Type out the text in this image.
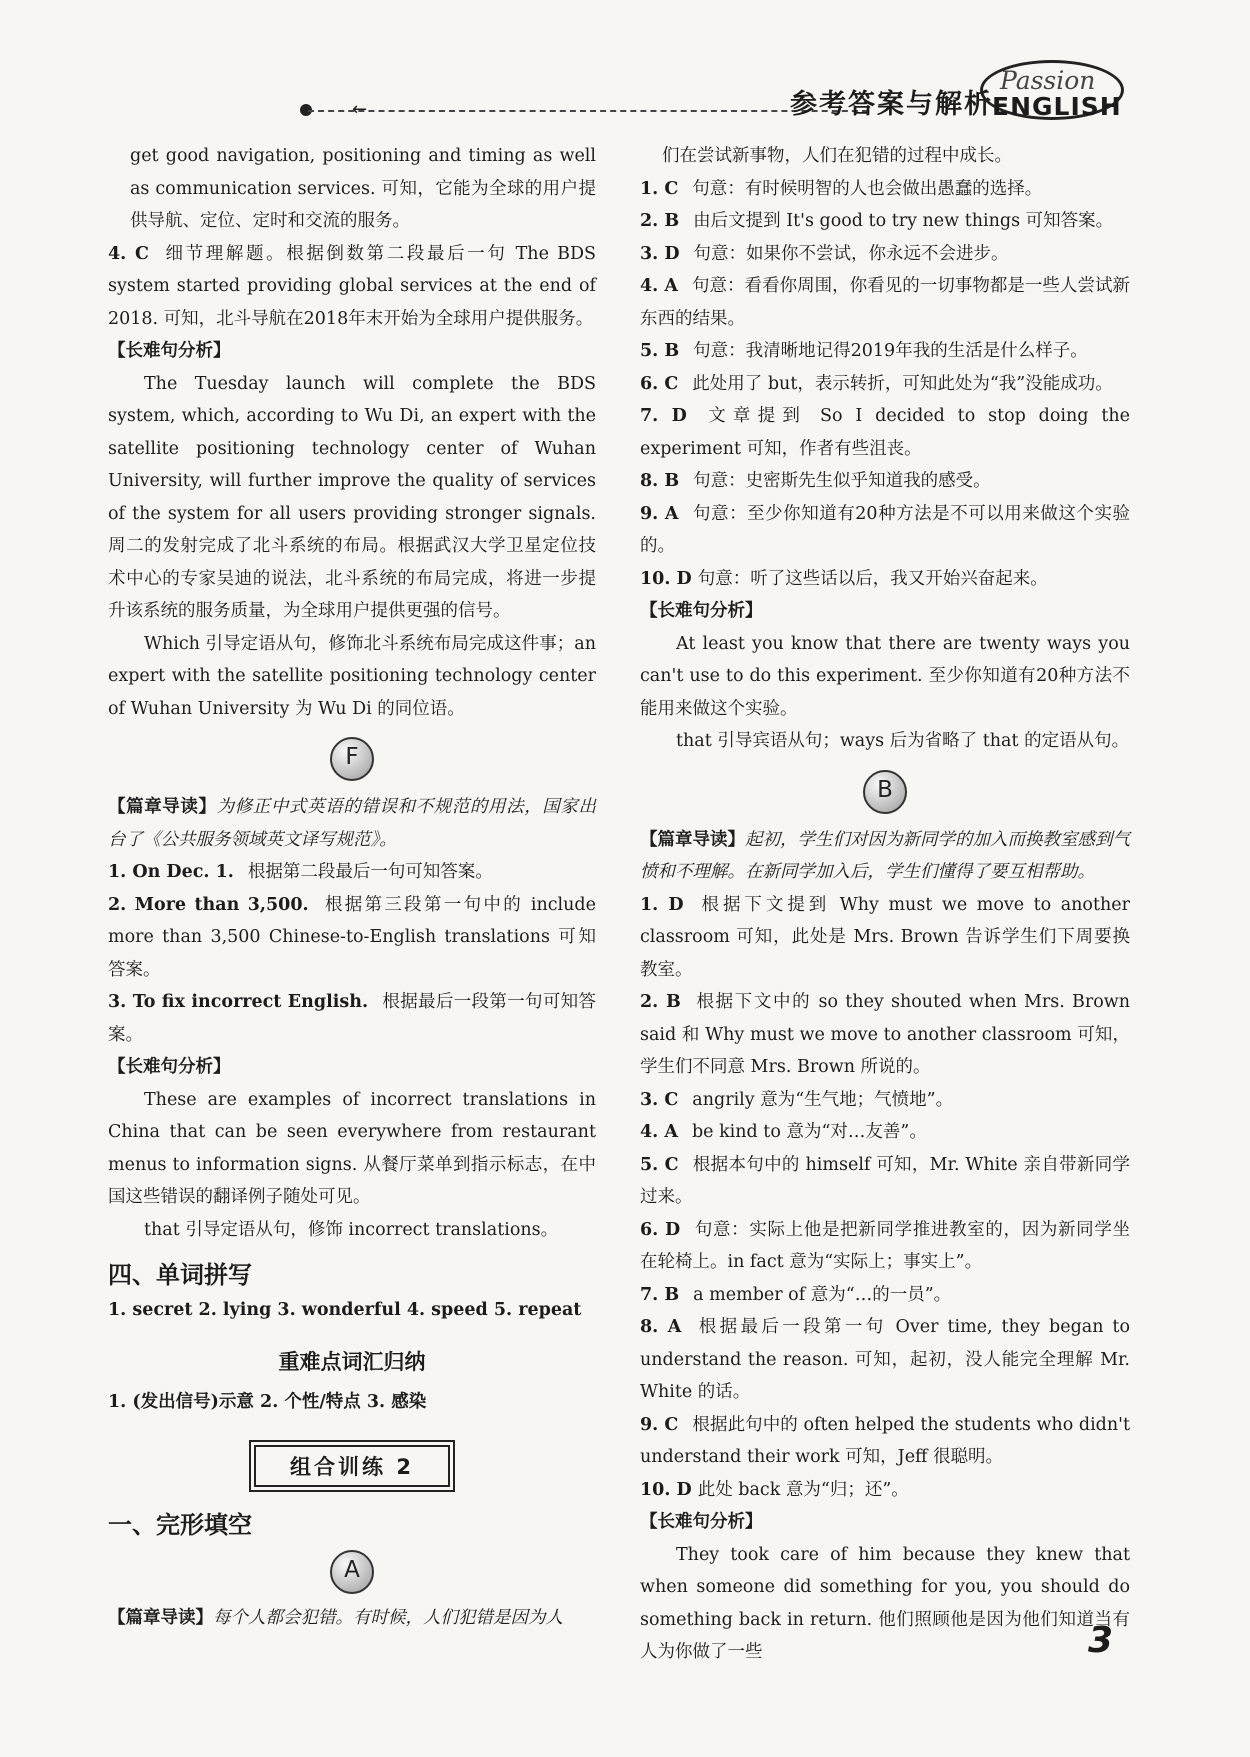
←	参考答案与解析
Passion
ENGLISH

get good navigation, positioning and timing as well as communication services. 可知，它能为全球的用户提供导航、定位、定时和交流的服务。

4. C 细节理解题。根据倒数第二段最后一句 The BDS system started providing global services at the end of 2018. 可知，北斗导航在2018年末开始为全球用户提供服务。

【长难句分析】

The Tuesday launch will complete the BDS system, which, according to Wu Di, an expert with the satellite positioning technology center of Wuhan University, will further improve the quality of services of the system for all users providing stronger signals. 周二的发射完成了北斗系统的布局。根据武汉大学卫星定位技术中心的专家吴迪的说法，北斗系统的布局完成，将进一步提升该系统的服务质量，为全球用户提供更强的信号。

Which 引导定语从句，修饰北斗系统布局完成这件事；an expert with the satellite positioning technology center of Wuhan University 为 Wu Di 的同位语。

F

【篇章导读】为修正中式英语的错误和不规范的用法，国家出台了《公共服务领域英文译写规范》。

1. On Dec. 1. 根据第二段最后一句可知答案。

2. More than 3,500. 根据第三段第一句中的 include more than 3,500 Chinese-to-English translations 可知答案。

3. To fix incorrect English. 根据最后一段第一句可知答案。

【长难句分析】

These are examples of incorrect translations in China that can be seen everywhere from restaurant menus to information signs. 从餐厅菜单到指示标志，在中国这些错误的翻译例子随处可见。

that 引导定语从句，修饰 incorrect translations。

四、单词拼写

1. secret 2. lying 3. wonderful 4. speed 5. repeat

重难点词汇归纳

1. (发出信号)示意 2. 个性/特点 3. 感染

组合训练 2

一、完形填空

A

【篇章导读】每个人都会犯错。有时候，人们犯错是因为人

们在尝试新事物，人们在犯错的过程中成长。

1. C 句意：有时候明智的人也会做出愚蠢的选择。

2. B 由后文提到 It's good to try new things 可知答案。

3. D 句意：如果你不尝试，你永远不会进步。

4. A 句意：看看你周围，你看见的一切事物都是一些人尝试新东西的结果。

5. B 句意：我清晰地记得2019年我的生活是什么样子。

6. C 此处用了 but，表示转折，可知此处为“我”没能成功。

7. D 文章提到 So I decided to stop doing the experiment 可知，作者有些沮丧。

8. B 句意：史密斯先生似乎知道我的感受。

9. A 句意：至少你知道有20种方法是不可以用来做这个实验的。

10. D 句意：听了这些话以后，我又开始兴奋起来。

【长难句分析】

At least you know that there are twenty ways you can't use to do this experiment. 至少你知道有20种方法不能用来做这个实验。

that 引导宾语从句；ways 后为省略了 that 的定语从句。

B

【篇章导读】起初，学生们对因为新同学的加入而换教室感到气愤和不理解。在新同学加入后，学生们懂得了要互相帮助。

1. D 根据下文提到 Why must we move to another classroom 可知，此处是 Mrs. Brown 告诉学生们下周要换教室。

2. B 根据下文中的 so they shouted when Mrs. Brown said 和 Why must we move to another classroom 可知，学生们不同意 Mrs. Brown 所说的。

3. C angrily 意为“生气地；气愤地”。

4. A be kind to 意为“对…友善”。

5. C 根据本句中的 himself 可知，Mr. White 亲自带新同学过来。

6. D 句意：实际上他是把新同学推进教室的，因为新同学坐在轮椅上。in fact 意为“实际上；事实上”。

7. B a member of 意为“…的一员”。

8. A 根据最后一段第一句 Over time, they began to understand the reason. 可知，起初，没人能完全理解 Mr. White 的话。

9. C 根据此句中的 often helped the students who didn't understand their work 可知，Jeff 很聪明。

10. D 此处 back 意为“归；还”。

【长难句分析】

They took care of him because they knew that when someone did something for you, you should do something back in return. 他们照顾他是因为他们知道当有人为你做了一些	3
